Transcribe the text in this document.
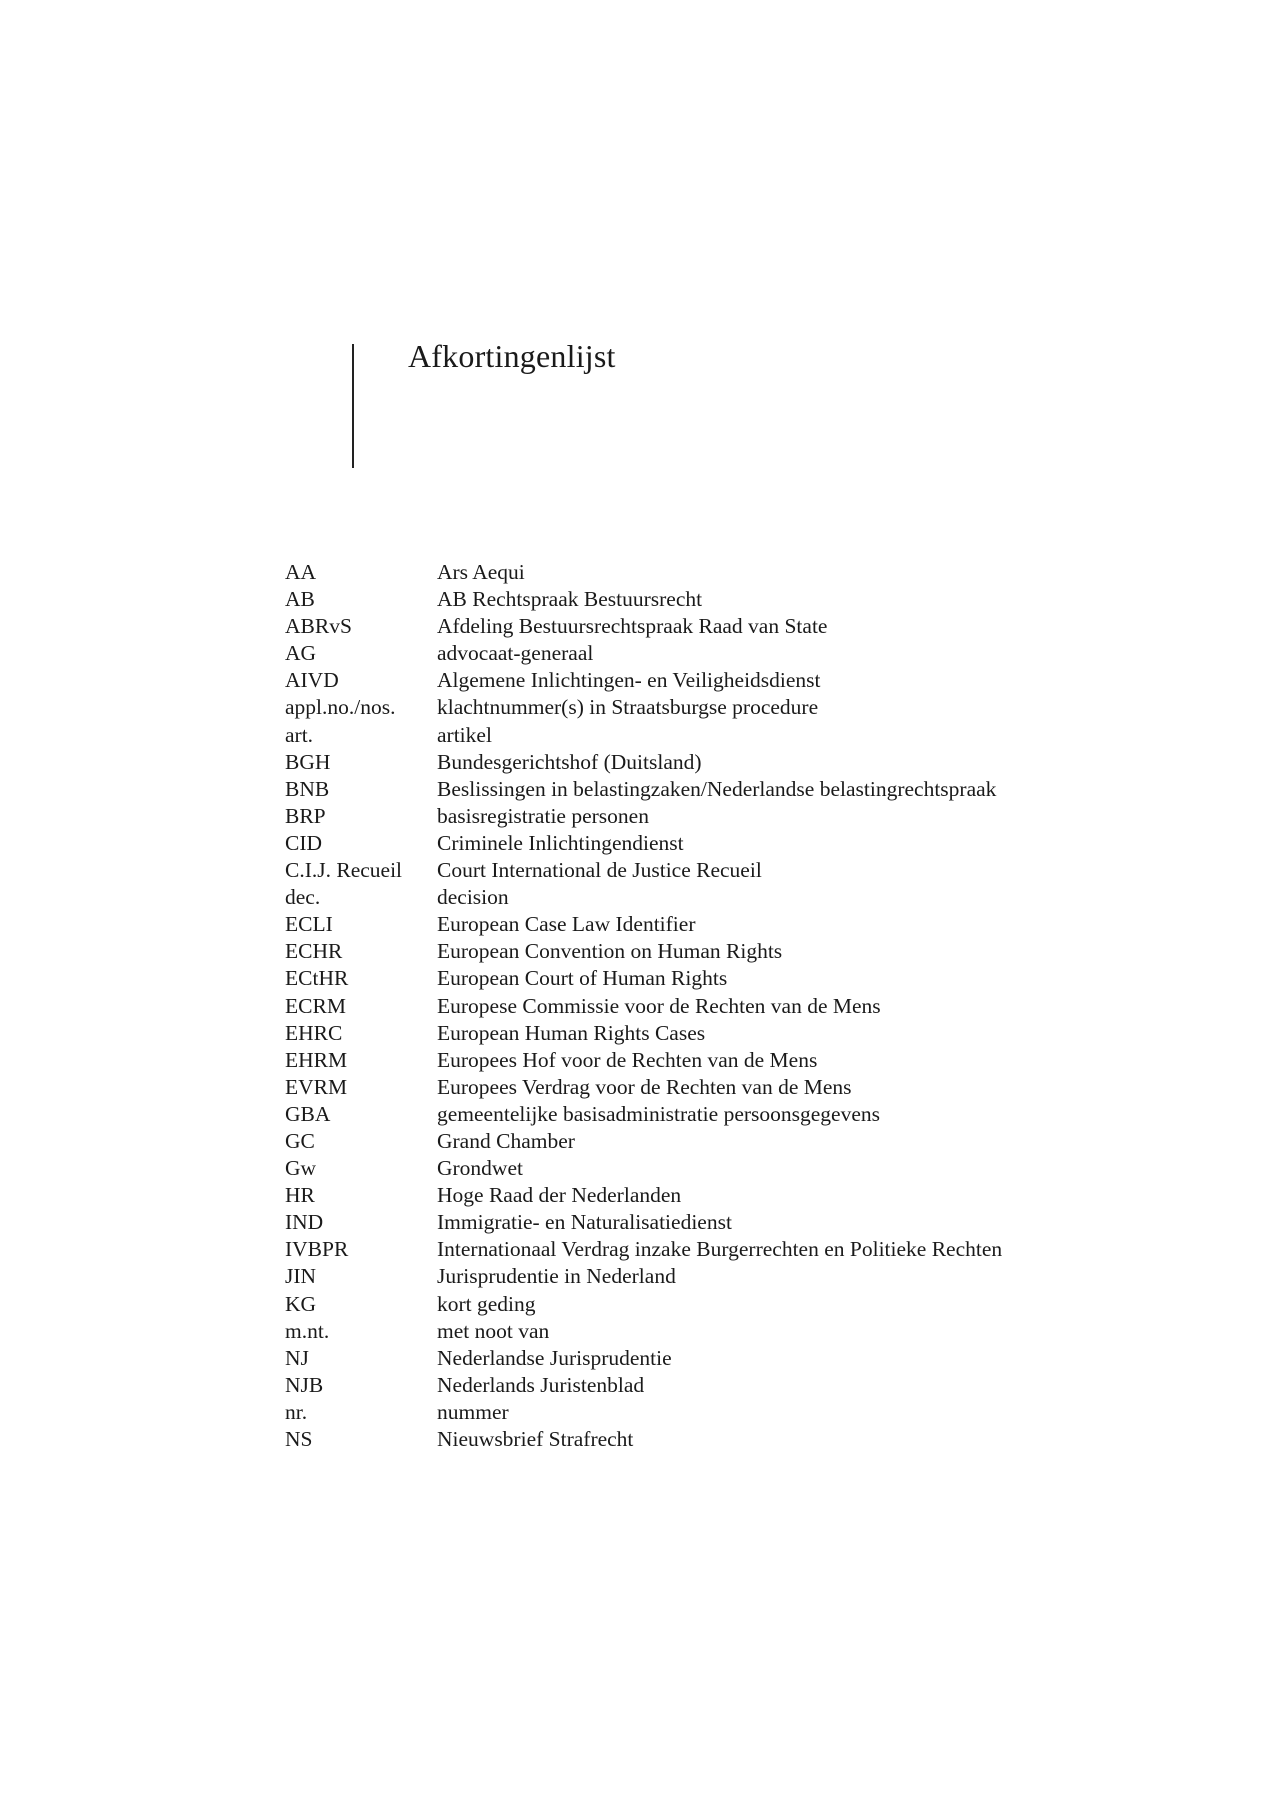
Afkortingenlijst
AA	Ars Aequi
AB	AB Rechtspraak Bestuursrecht
ABRvS	Afdeling Bestuursrechtspraak Raad van State
AG	advocaat-generaal
AIVD	Algemene Inlichtingen- en Veiligheidsdienst
appl.no./nos.	klachtnummer(s) in Straatsburgse procedure
art.	artikel
BGH	Bundesgerichtshof (Duitsland)
BNB	Beslissingen in belastingzaken/Nederlandse belastingrechtspraak
BRP	basisregistratie personen
CID	Criminele Inlichtingendienst
C.I.J. Recueil	Court International de Justice Recueil
dec.	decision
ECLI	European Case Law Identifier
ECHR	European Convention on Human Rights
ECtHR	European Court of Human Rights
ECRM	Europese Commissie voor de Rechten van de Mens
EHRC	European Human Rights Cases
EHRM	Europees Hof voor de Rechten van de Mens
EVRM	Europees Verdrag voor de Rechten van de Mens
GBA	gemeentelijke basisadministratie persoonsgegevens
GC	Grand Chamber
Gw	Grondwet
HR	Hoge Raad der Nederlanden
IND	Immigratie- en Naturalisatiedienst
IVBPR	Internationaal Verdrag inzake Burgerrechten en Politieke Rechten
JIN	Jurisprudentie in Nederland
KG	kort geding
m.nt.	met noot van
NJ	Nederlandse Jurisprudentie
NJB	Nederlands Juristenblad
nr.	nummer
NS	Nieuwsbrief Strafrecht
